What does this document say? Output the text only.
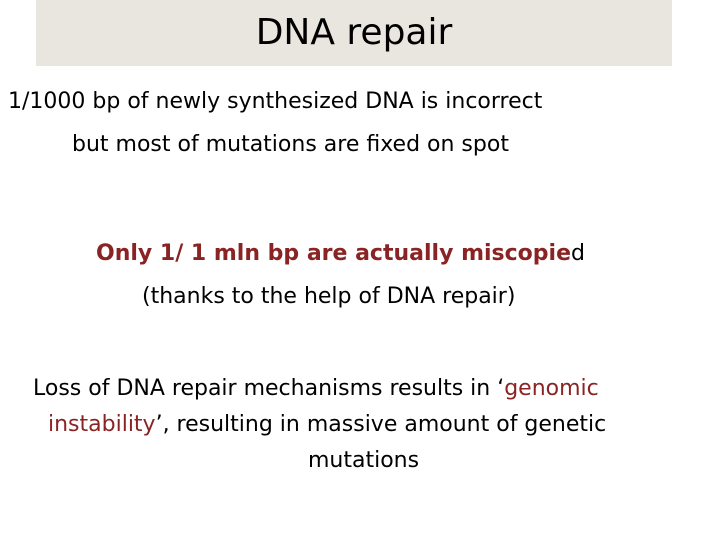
DNA repair
1/1000 bp of newly synthesized DNA is incorrect
but most of mutations are fixed on spot
Only 1/ 1 mln bp are actually miscopied
(thanks to the help of DNA repair)
Loss of DNA repair mechanisms results in ‘genomic
instability’, resulting in massive amount of genetic
mutations
